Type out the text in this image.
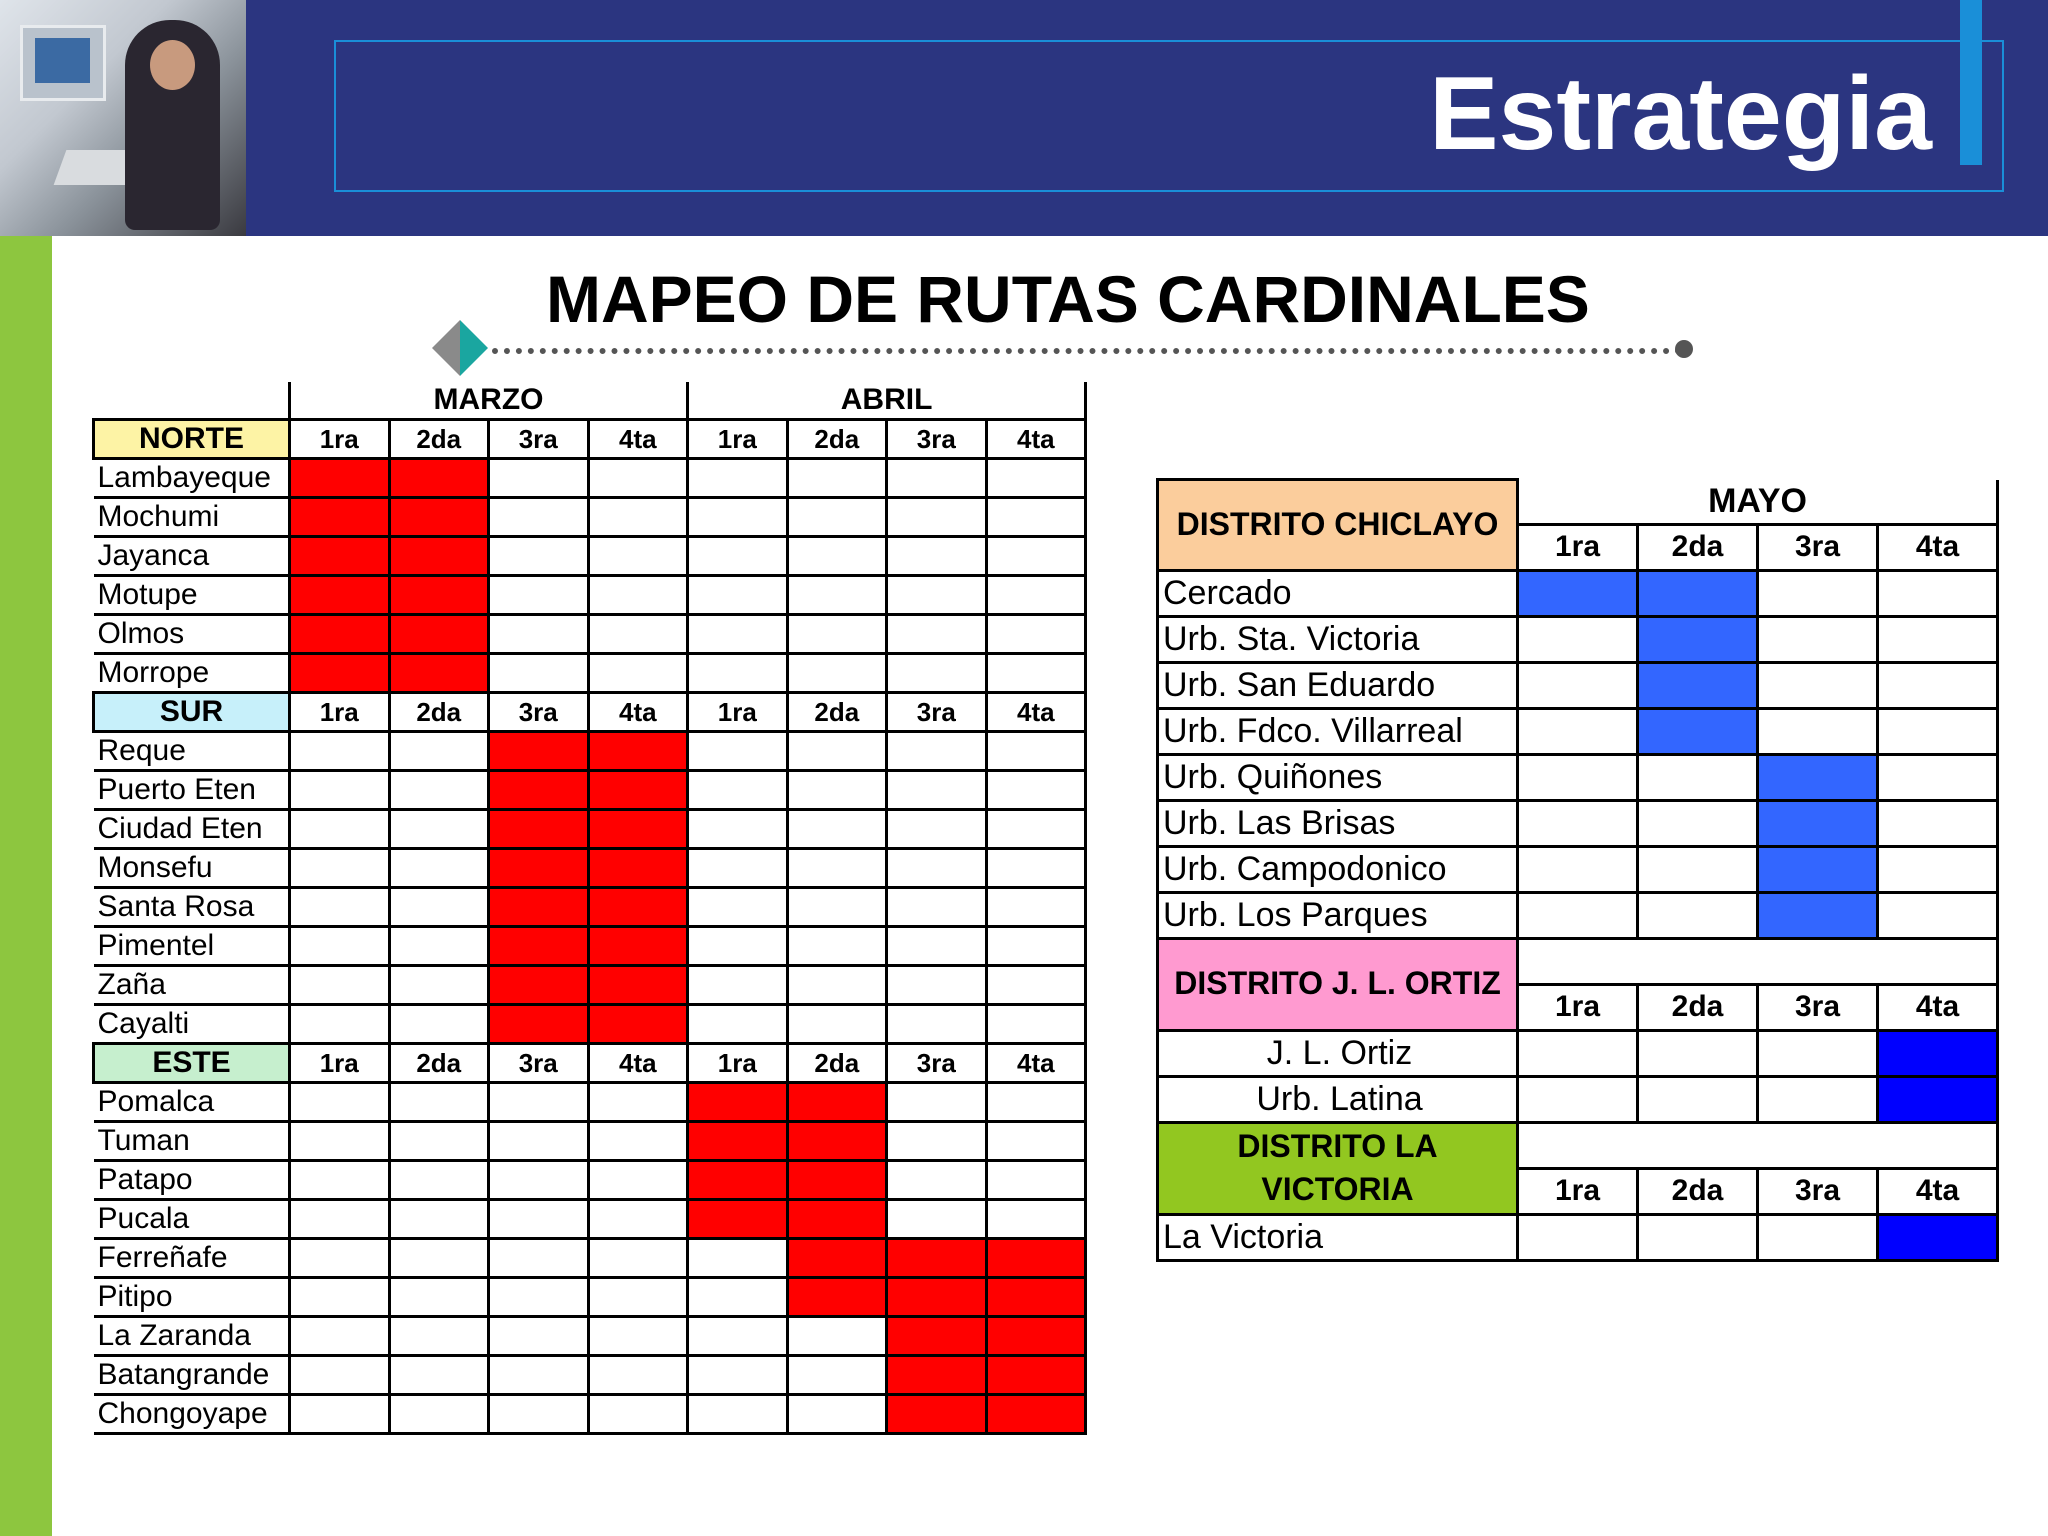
Estrategia
MAPEO DE RUTAS CARDINALES
	MARZO				ABRIL			
NORTE	1ra	2da	3ra	4ta	1ra	2da	3ra	4ta
Lambayeque								
Mochumi								
Jayanca								
Motupe								
Olmos								
Morrope								
SUR	1ra	2da	3ra	4ta	1ra	2da	3ra	4ta
Reque								
Puerto Eten								
Ciudad Eten								
Monsefu								
Santa Rosa								
Pimentel								
Zaña								
Cayalti								
ESTE	1ra	2da	3ra	4ta	1ra	2da	3ra	4ta
Pomalca								
Tuman								
Patapo								
Pucala								
Ferreñafe								
Pitipo								
La Zaranda								
Batangrande								
Chongoyape								
DISTRITO CHICLAYO	MAYO			
	1ra	2da	3ra	4ta
Cercado				
Urb. Sta. Victoria				
Urb. San Eduardo				
Urb. Fdco. Villarreal				
Urb. Quiñones				
Urb. Las Brisas				
Urb. Campodonico				
Urb. Los Parques				
DISTRITO J. L. ORTIZ				
	1ra	2da	3ra	4ta
J. L. Ortiz				
Urb. Latina				
DISTRITO LA VICTORIA				
	1ra	2da	3ra	4ta
La Victoria				
